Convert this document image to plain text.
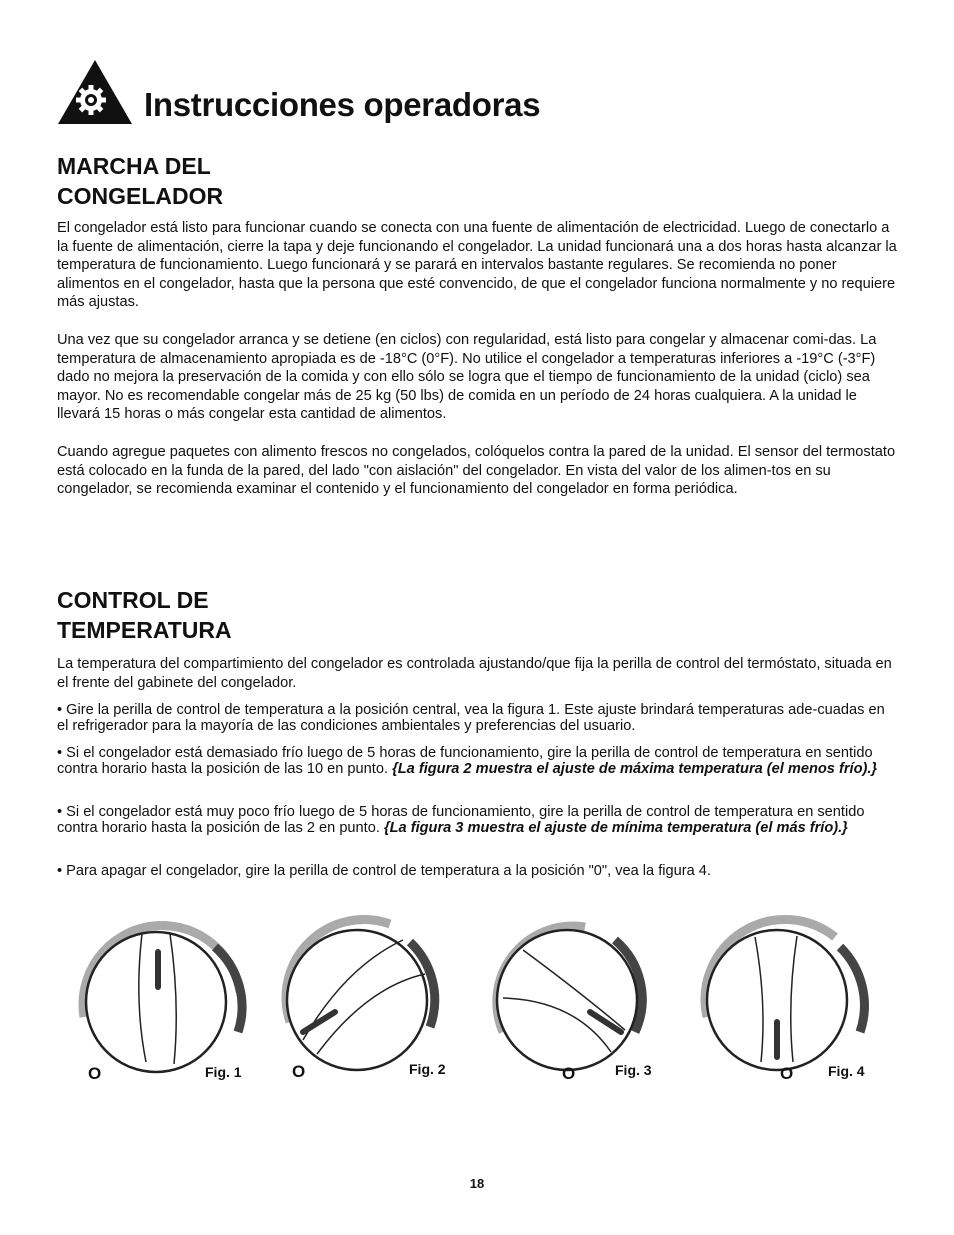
Instrucciones operadoras
MARCHA DEL
CONGELADOR

El congelador está listo para funcionar cuando se conecta con una fuente de alimentación de electricidad. Luego de conectarlo a la fuente de alimentación, cierre la tapa y deje funcionando el congelador. La unidad funcionará una a dos horas hasta alcanzar la temperatura de funcionamiento. Luego funcionará y se parará en intervalos bastante regulares. Se recomienda no poner alimentos en el congelador, hasta que la persona que esté convencido, de que el congelador funciona normalmente y no requiere más ajustas.

Una vez que su congelador arranca y se detiene (en ciclos) con regularidad, está listo para congelar y almacenar comi-das. La temperatura de almacenamiento apropiada es de -18°C (0°F). No utilice el congelador a temperaturas inferiores a -19°C (-3°F) dado no mejora la preservación de la comida y con ello sólo se logra que el tiempo de funcionamiento de la unidad (ciclo) sea mayor. No es recomendable congelar más de 25 kg (50 lbs) de comida en un período de 24 horas cualquiera. A la unidad le llevará 15 horas o más congelar esta cantidad de alimentos.

Cuando agregue paquetes con alimento frescos no congelados, colóquelos contra la pared de la unidad. El sensor del termostato está colocado en la funda de la pared, del lado "con aislación" del congelador. En vista del valor de los alimen-tos en su congelador, se recomienda examinar el contenido y el funcionamiento del congelador en forma periódica.

CONTROL DE
TEMPERATURA

La temperatura del compartimiento del congelador es controlada ajustando/que fija la perilla de control del termóstato, situada en el frente del gabinete del congelador.

• Gire la perilla de control de temperatura a la posición central, vea la figura 1. Este ajuste brindará temperaturas ade-cuadas en el refrigerador para la mayoría de las condiciones ambientales y preferencias del usuario.

• Si el congelador está demasiado frío luego de 5 horas de funcionamiento, gire la perilla de control de temperatura en sentido contra horario hasta la posición de las 10 en punto. {La figura 2 muestra el ajuste de máxima temperatura (el menos frío).}

• Si el congelador está muy poco frío luego de 5 horas de funcionamiento, gire la perilla de control de temperatura en sentido contra horario hasta la posición de las 2 en punto. {La figura 3 muestra el ajuste de mínima temperatura (el más frío).}

• Para apagar el congelador, gire la perilla de control de temperatura a la posición "0", vea la figura 4.

O	Fig. 1	O	Fig. 2	O	Fig. 3	O Fig. 4
18
